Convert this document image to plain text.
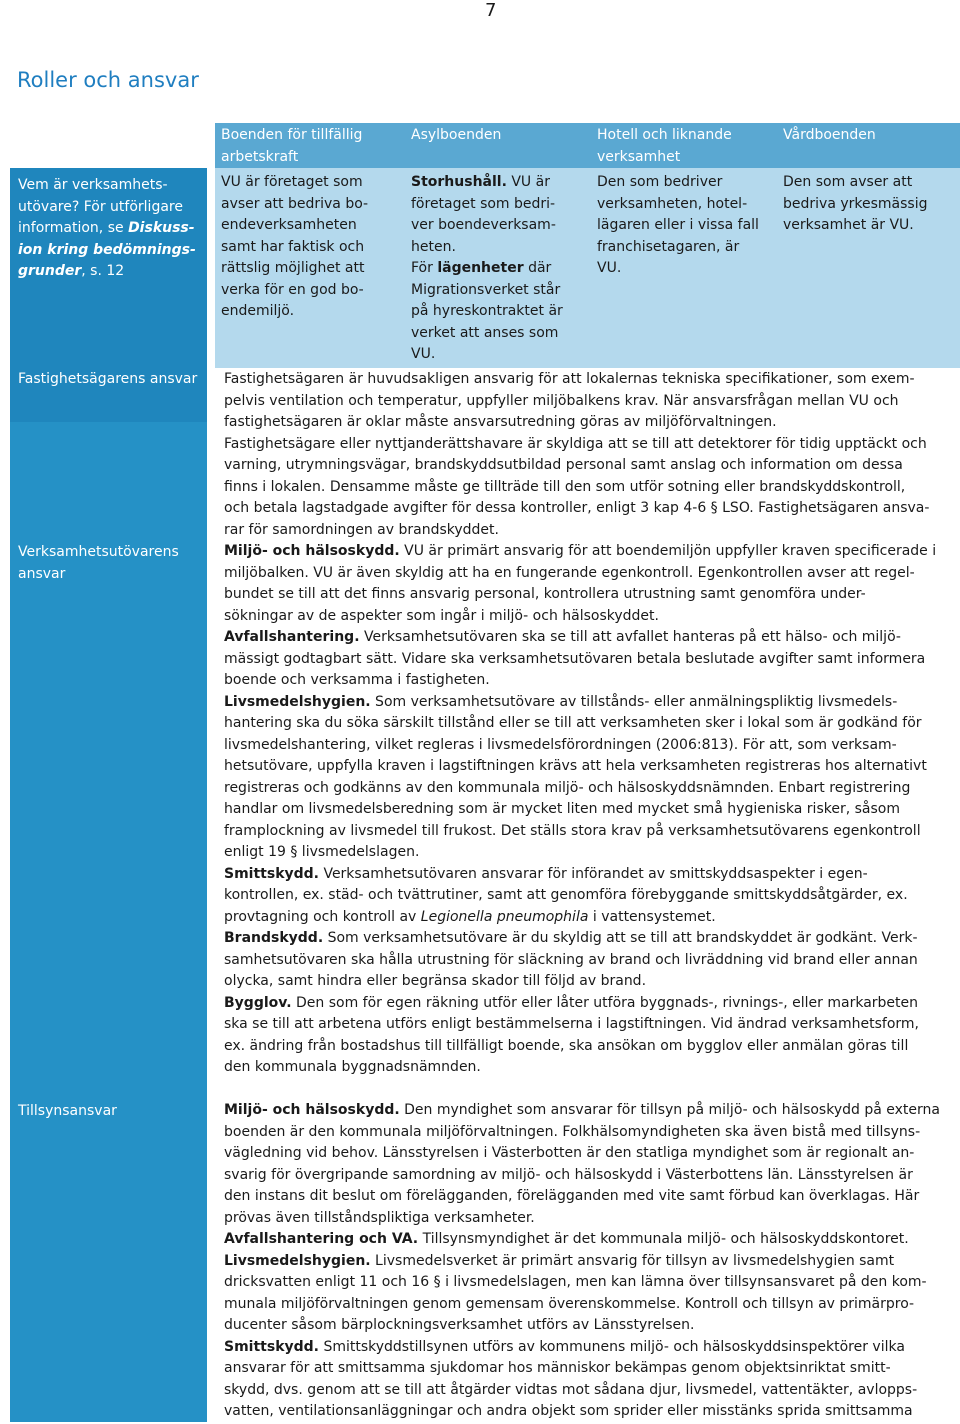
7
Roller och ansvar
Vem är verksamhets-
utövare? För utförligare information, se Diskuss-
ion kring bedömnings-
grunder, s. 12
Fastighetsägarens ansvar
Verksamhetsutövarens
ansvar
Tillsynsansvar
Boenden för tillfällig
arbetskraft
Asylboenden	Hotell och liknande
verksamhet
Vårdboenden
VU är företaget som
avser att bedriva bo-
endeverksamheten
samt har faktisk och
rättslig möjlighet att
verka för en god bo-
endemiljö.
Storhushåll. VU är
företaget som bedri-
ver boendeverksam-
heten.
För lägenheter där
Migrationsverket står
på hyreskontraktet är
verket att anses som
VU.
Den som bedriver
verksamheten, hotel-
lägaren eller i vissa fall
franchisetagaren, är
VU.
Den som avser att
bedriva yrkesmässig
verksamhet är VU.

Fastighetsägaren är huvudsakligen ansvarig för att lokalernas tekniska specifikationer, som exem-

pelvis ventilation och temperatur, uppfyller miljöbalkens krav. När ansvarsfrågan mellan VU och

fastighetsägaren är oklar måste ansvarsutredning göras av miljöförvaltningen.

Fastighetsägare eller nyttjanderättshavare är skyldiga att se till att detektorer för tidig upptäckt och

varning, utrymningsvägar, brandskyddsutbildad personal samt anslag och information om dessa

finns i lokalen. Densamme måste ge tillträde till den som utför sotning eller brandskyddskontroll,

och betala lagstadgade avgifter för dessa kontroller, enligt 3 kap 4-6 § LSO. Fastighetsägaren ansva-

rar för samordningen av brandskyddet.

Miljö- och hälsoskydd. VU är primärt ansvarig för att boendemiljön uppfyller kraven specificerade i

miljöbalken. VU är även skyldig att ha en fungerande egenkontroll. Egenkontrollen avser att regel-

bundet se till att det finns ansvarig personal, kontrollera utrustning samt genomföra under-

sökningar av de aspekter som ingår i miljö- och hälsoskyddet.

Avfallshantering. Verksamhetsutövaren ska se till att avfallet hanteras på ett hälso- och miljö-

mässigt godtagbart sätt. Vidare ska verksamhetsutövaren betala beslutade avgifter samt informera

boende och verksamma i fastigheten.

Livsmedelshygien. Som verksamhetsutövare av tillstånds- eller anmälningspliktig livsmedels-

hantering ska du söka särskilt tillstånd eller se till att verksamheten sker i lokal som är godkänd för

livsmedelshantering, vilket regleras i livsmedelsförordningen (2006:813). För att, som verksam-

hetsutövare, uppfylla kraven i lagstiftningen krävs att hela verksamheten registreras hos alternativt

registreras och godkänns av den kommunala miljö- och hälsoskyddsnämnden. Enbart registrering

handlar om livsmedelsberedning som är mycket liten med mycket små hygieniska risker, såsom

framplockning av livsmedel till frukost. Det ställs stora krav på verksamhetsutövarens egenkontroll

enligt 19 § livsmedelslagen.

Smittskydd. Verksamhetsutövaren ansvarar för införandet av smittskyddsaspekter i egen-

kontrollen, ex. städ- och tvättrutiner, samt att genomföra förebyggande smittskyddsåtgärder, ex.

provtagning och kontroll av Legionella pneumophila i vattensystemet.

Brandskydd. Som verksamhetsutövare är du skyldig att se till att brandskyddet är godkänt. Verk-

samhetsutövaren ska hålla utrustning för släckning av brand och livräddning vid brand eller annan

olycka, samt hindra eller begränsa skador till följd av brand.

Bygglov. Den som för egen räkning utför eller låter utföra byggnads-, rivnings-, eller markarbeten

ska se till att arbetena utförs enligt bestämmelserna i lagstiftningen. Vid ändrad verksamhetsform,

ex. ändring från bostadshus till tillfälligt boende, ska ansökan om bygglov eller anmälan göras till

den kommunala byggnadsnämnden.

Miljö- och hälsoskydd. Den myndighet som ansvarar för tillsyn på miljö- och hälsoskydd på externa

boenden är den kommunala miljöförvaltningen. Folkhälsomyndigheten ska även bistå med tillsyns-

vägledning vid behov. Länsstyrelsen i Västerbotten är den statliga myndighet som är regionalt an-

svarig för övergripande samordning av miljö- och hälsoskydd i Västerbottens län. Länsstyrelsen är

den instans dit beslut om förelägganden, förelägganden med vite samt förbud kan överklagas. Här

prövas även tillståndspliktiga verksamheter.

Avfallshantering och VA. Tillsynsmyndighet är det kommunala miljö- och hälsoskyddskontoret.

Livsmedelshygien. Livsmedelsverket är primärt ansvarig för tillsyn av livsmedelshygien samt

dricksvatten enligt 11 och 16 § i livsmedelslagen, men kan lämna över tillsynsansvaret på den kom-

munala miljöförvaltningen genom gemensam överenskommelse. Kontroll och tillsyn av primärpro-

ducenter såsom bärplockningsverksamhet utförs av Länsstyrelsen.

Smittskydd. Smittskyddstillsynen utförs av kommunens miljö- och hälsoskyddsinspektörer vilka

ansvarar för att smittsamma sjukdomar hos människor bekämpas genom objektsinriktat smitt-

skydd, dvs. genom att se till att åtgärder vidtas mot sådana djur, livsmedel, vattentäkter, avlopps-

vatten, ventilationsanläggningar och andra objekt som sprider eller misstänks sprida smittsamma
